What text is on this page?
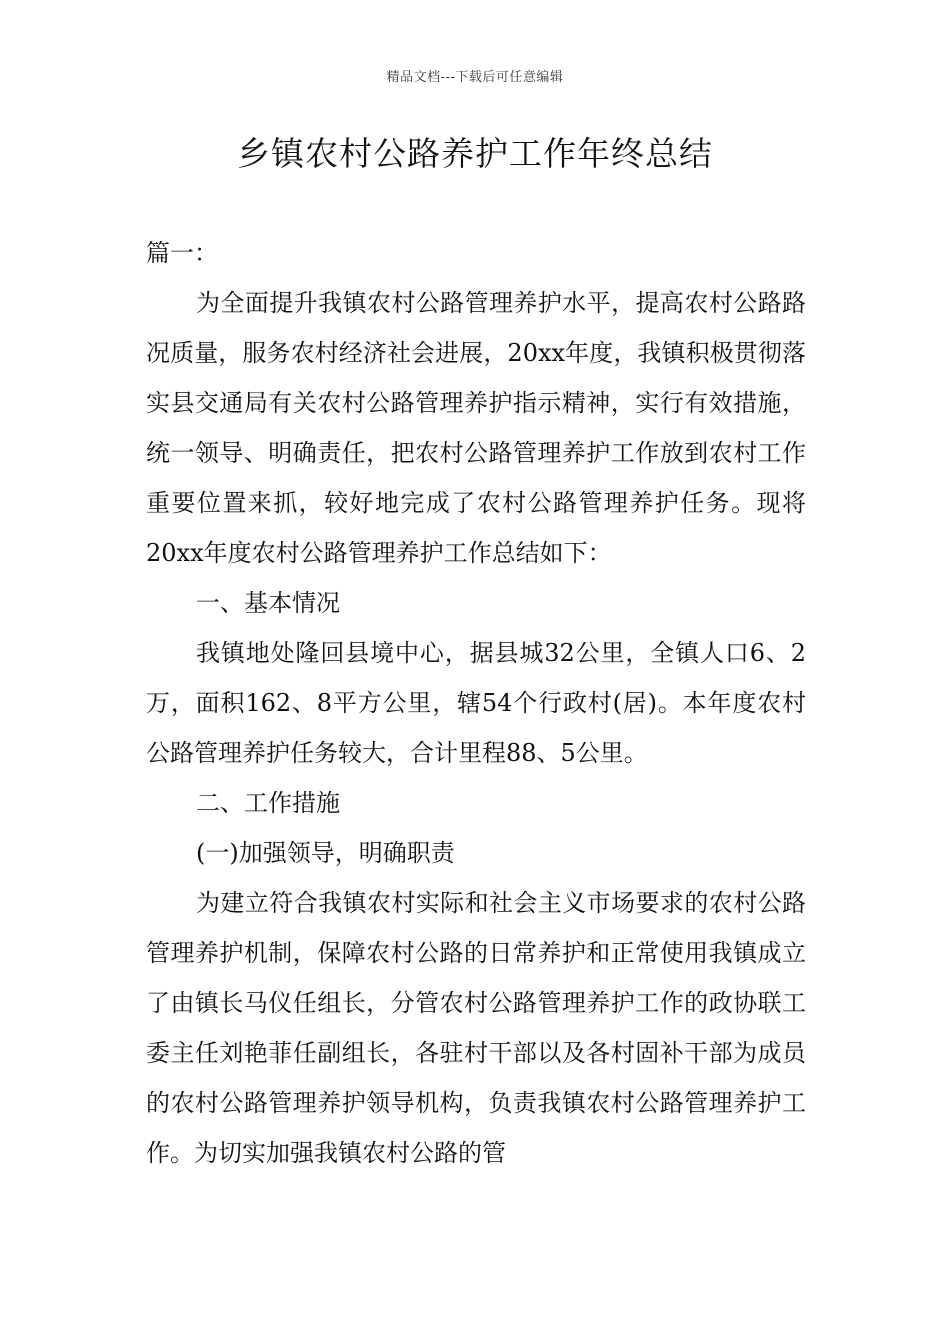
精品文档---下载后可任意编辑
乡镇农村公路养护工作年终总结

篇一：

为全面提升我镇农村公路管理养护水平，提高农村公路路况质量，服务农村经济社会进展，20xx年度，我镇积极贯彻落实县交通局有关农村公路管理养护指示精神，实行有效措施，统一领导、明确责任，把农村公路管理养护工作放到农村工作重要位置来抓，较好地完成了农村公路管理养护任务。现将20xx年度农村公路管理养护工作总结如下：

一、基本情况

我镇地处隆回县境中心，据县城32公里，全镇人口6、2万，面积162、8平方公里，辖54个行政村(居)。本年度农村公路管理养护任务较大，合计里程88、5公里。

二、工作措施

(一)加强领导，明确职责

为建立符合我镇农村实际和社会主义市场要求的农村公路管理养护机制，保障农村公路的日常养护和正常使用我镇成立了由镇长马仪任组长，分管农村公路管理养护工作的政协联工委主任刘艳菲任副组长，各驻村干部以及各村固补干部为成员的农村公路管理养护领导机构，负责我镇农村公路管理养护工作。为切实加强我镇农村公路的管
